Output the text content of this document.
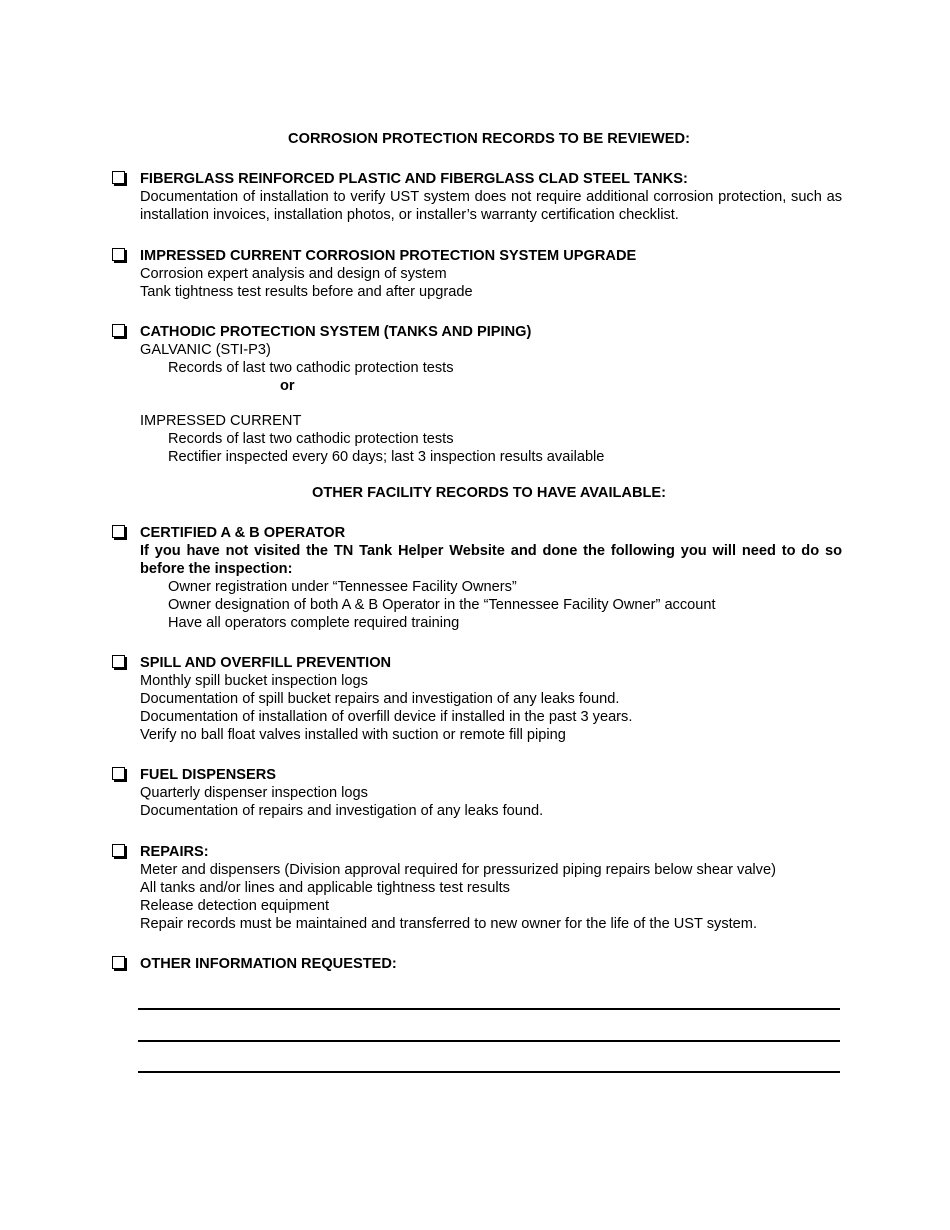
CORROSION PROTECTION RECORDS TO BE REVIEWED:
FIBERGLASS REINFORCED PLASTIC AND FIBERGLASS CLAD STEEL TANKS:
Documentation of installation to verify UST system does not require additional corrosion protection, such as installation invoices, installation photos, or installer’s warranty certification checklist.
IMPRESSED CURRENT CORROSION PROTECTION SYSTEM UPGRADE
Corrosion expert analysis and design of system
Tank tightness test results before and after upgrade
CATHODIC PROTECTION SYSTEM (TANKS AND PIPING)
GALVANIC (STI-P3)
Records of last two cathodic protection tests
or
IMPRESSED CURRENT
Records of last two cathodic protection tests
Rectifier inspected every 60 days; last 3 inspection results available
OTHER FACILITY RECORDS TO HAVE AVAILABLE:
CERTIFIED A & B OPERATOR
If you have not visited the TN Tank Helper Website and done the following you will need to do so before the inspection:
Owner registration under “Tennessee Facility Owners”
Owner designation of both A & B Operator in the “Tennessee Facility Owner” account
Have all operators complete required training
SPILL AND OVERFILL PREVENTION
Monthly spill bucket inspection logs
Documentation of spill bucket repairs and investigation of any leaks found.
Documentation of installation of overfill device if installed in the past 3 years.
Verify no ball float valves installed with suction or remote fill piping
FUEL DISPENSERS
Quarterly dispenser inspection logs
Documentation of repairs and investigation of any leaks found.
REPAIRS:
Meter and dispensers (Division approval required for pressurized piping repairs below shear valve)
All tanks and/or lines and applicable tightness test results
Release detection equipment
Repair records must be maintained and transferred to new owner for the life of the UST system.
OTHER INFORMATION REQUESTED:
